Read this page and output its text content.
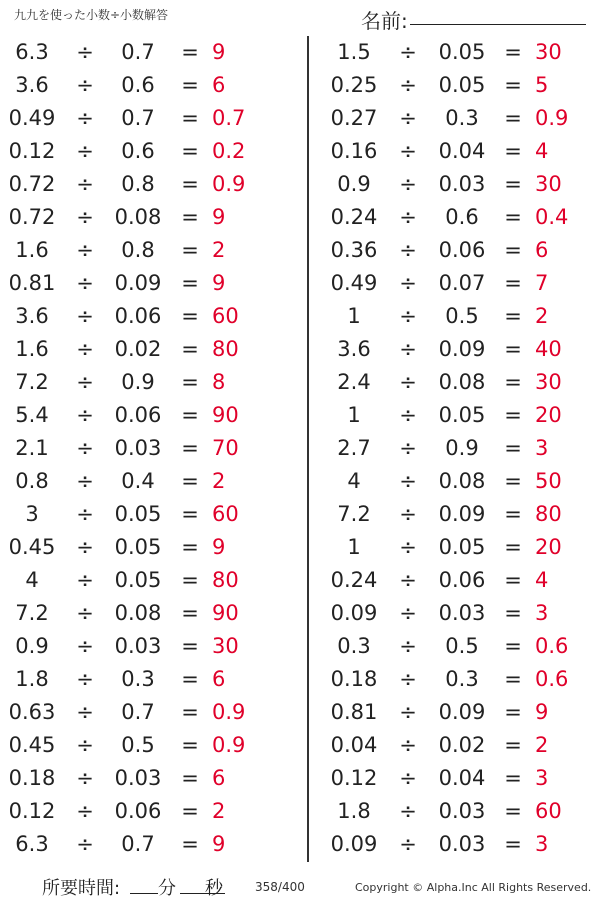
九九を使った小数÷小数解答	名前:
6.3	÷	0.7	= 9
3.6	÷	0.6	= 6
0.49 ÷	0.7	= 0.7
0.12 ÷	0.6	= 0.2
0.72 ÷	0.8	= 0.9
0.72 ÷ 0.08 = 9
1.6	÷	0.8	= 2
0.81 ÷ 0.09 = 9
3.6	÷ 0.06 = 60
1.6	÷ 0.02 = 80
7.2	÷	0.9	= 8
5.4	÷ 0.06 = 90
2.1	÷ 0.03 = 70
0.8	÷	0.4	= 2
3	÷ 0.05 = 60
0.45 ÷ 0.05 = 9
4	÷ 0.05 = 80
7.2	÷ 0.08 = 90
0.9	÷ 0.03 = 30
1.8	÷	0.3	= 6
0.63 ÷	0.7	= 0.9
0.45 ÷	0.5	= 0.9
0.18 ÷ 0.03 = 6
0.12 ÷ 0.06 = 2
6.3	÷	0.7	= 9
1.5	÷ 0.05 = 30
0.25 ÷ 0.05 = 5
0.27 ÷	0.3	= 0.9
0.16 ÷ 0.04 = 4
0.9	÷ 0.03 = 30
0.24 ÷	0.6	= 0.4
0.36 ÷ 0.06 = 6
0.49 ÷ 0.07 = 7
1	÷	0.5	= 2
3.6	÷ 0.09 = 40
2.4	÷ 0.08 = 30
1	÷ 0.05 = 20
2.7	÷	0.9	= 3
4	÷ 0.08 = 50
7.2	÷ 0.09 = 80
1	÷ 0.05 = 20
0.24 ÷ 0.06 = 4
0.09 ÷ 0.03 = 3
0.3	÷	0.5	= 0.6
0.18 ÷	0.3	= 0.6
0.81 ÷ 0.09 = 9
0.04 ÷ 0.02 = 2
0.12 ÷ 0.04 = 3
1.8	÷ 0.03 = 60
0.09 ÷ 0.03 = 3
所要時間: 分 秒	358/400	Copyright © Alpha.Inc All Rights Reserved.
